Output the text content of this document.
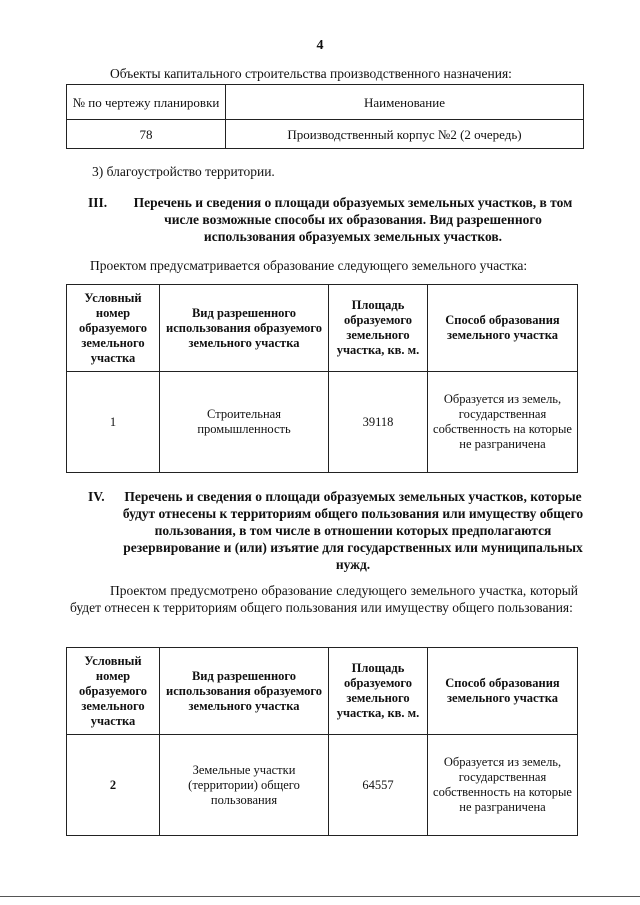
4
Объекты капитального строительства производственного назначения:
№ по чертежу планировки	Наименование
78	Производственный корпус №2 (2 очередь)
3) благоустройство территории.
III.	Перечень и сведения о площади образуемых земельных участков, в том числе возможные способы их образования. Вид разрешенного использования образуемых земельных участков.
Проектом предусматривается образование следующего земельного участка:
Условный номер образуемого земельного участка	Вид разрешенного использования образуемого земельного участка	Площадь образуемого земельного участка, кв. м.	Способ образования земельного участка
1	Строительная промышленность	39118	Образуется из земель, государственная собственность на которые не разграничена
IV.	Перечень и сведения о площади образуемых земельных участков, которые будут отнесены к территориям общего пользования или имуществу общего пользования, в том числе в отношении которых предполагаются резервирование и (или) изъятие для государственных или муниципальных нужд.
Проектом предусмотрено образование следующего земельного участка, который будет отнесен к территориям общего пользования или имуществу общего пользования:
Условный номер образуемого земельного участка	Вид разрешенного использования образуемого земельного участка	Площадь образуемого земельного участка, кв. м.	Способ образования земельного участка
2	Земельные участки (территории) общего пользования	64557	Образуется из земель, государственная собственность на которые не разграничена
